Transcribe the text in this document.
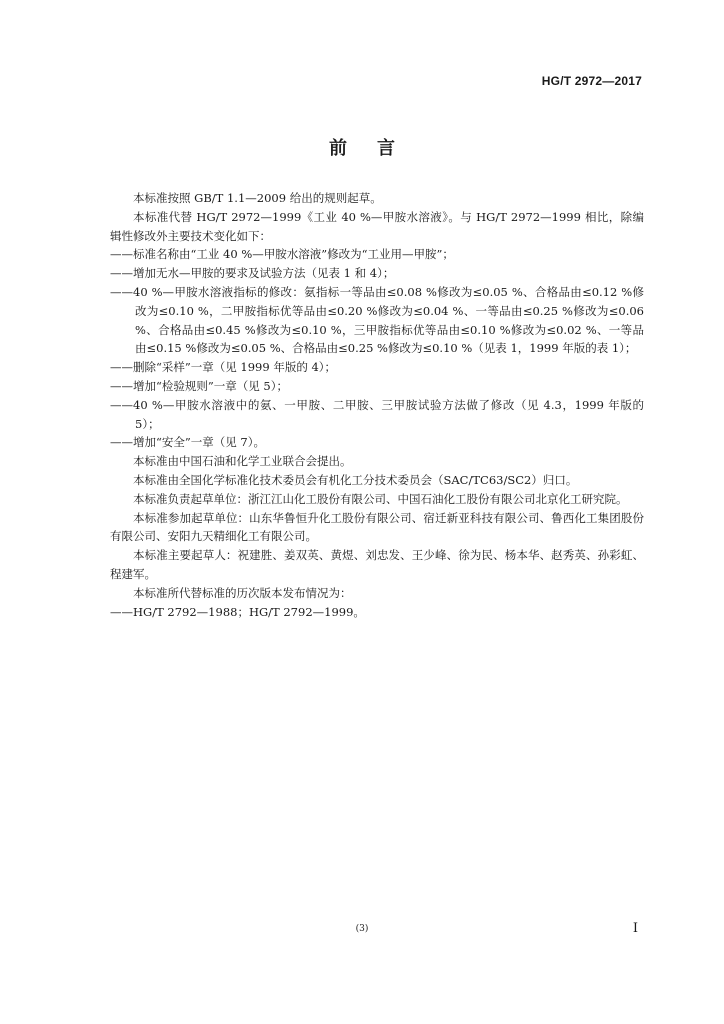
HG/T 2972—2017
前言
本标准按照 GB/T 1.1—2009 给出的规则起草。
本标准代替 HG/T 2972—1999《工业 40 %—甲胺水溶液》。与 HG/T 2972—1999 相比，除编辑性修改外主要技术变化如下：
——标准名称由“工业 40 %—甲胺水溶液”修改为“工业用—甲胺”；
——增加无水—甲胺的要求及试验方法（见表 1 和 4）；
——40 %—甲胺水溶液指标的修改：氨指标一等品由≤0.08 %修改为≤0.05 %、合格品由≤0.12 %修改为≤0.10 %，二甲胺指标优等品由≤0.20 %修改为≤0.04 %、一等品由≤0.25 %修改为≤0.06 %、合格品由≤0.45 %修改为≤0.10 %，三甲胺指标优等品由≤0.10 %修改为≤0.02 %、一等品由≤0.15 %修改为≤0.05 %、合格品由≤0.25 %修改为≤0.10 %（见表 1，1999 年版的表 1）；
——删除“采样”一章（见 1999 年版的 4）；
——增加“检验规则”一章（见 5）；
——40 %—甲胺水溶液中的氨、一甲胺、二甲胺、三甲胺试验方法做了修改（见 4.3，1999 年版的 5）；
——增加“安全”一章（见 7）。
本标准由中国石油和化学工业联合会提出。
本标准由全国化学标准化技术委员会有机化工分技术委员会（SAC/TC63/SC2）归口。
本标准负责起草单位：浙江江山化工股份有限公司、中国石油化工股份有限公司北京化工研究院。
本标准参加起草单位：山东华鲁恒升化工股份有限公司、宿迁新亚科技有限公司、鲁西化工集团股份有限公司、安阳九天精细化工有限公司。
本标准主要起草人：祝建胜、姜双英、黄煜、刘忠发、王少峰、徐为民、杨本华、赵秀英、孙彩虹、程建军。
本标准所代替标准的历次版本发布情况为：
——HG/T 2792—1988；HG/T 2792—1999。
(3)	I
